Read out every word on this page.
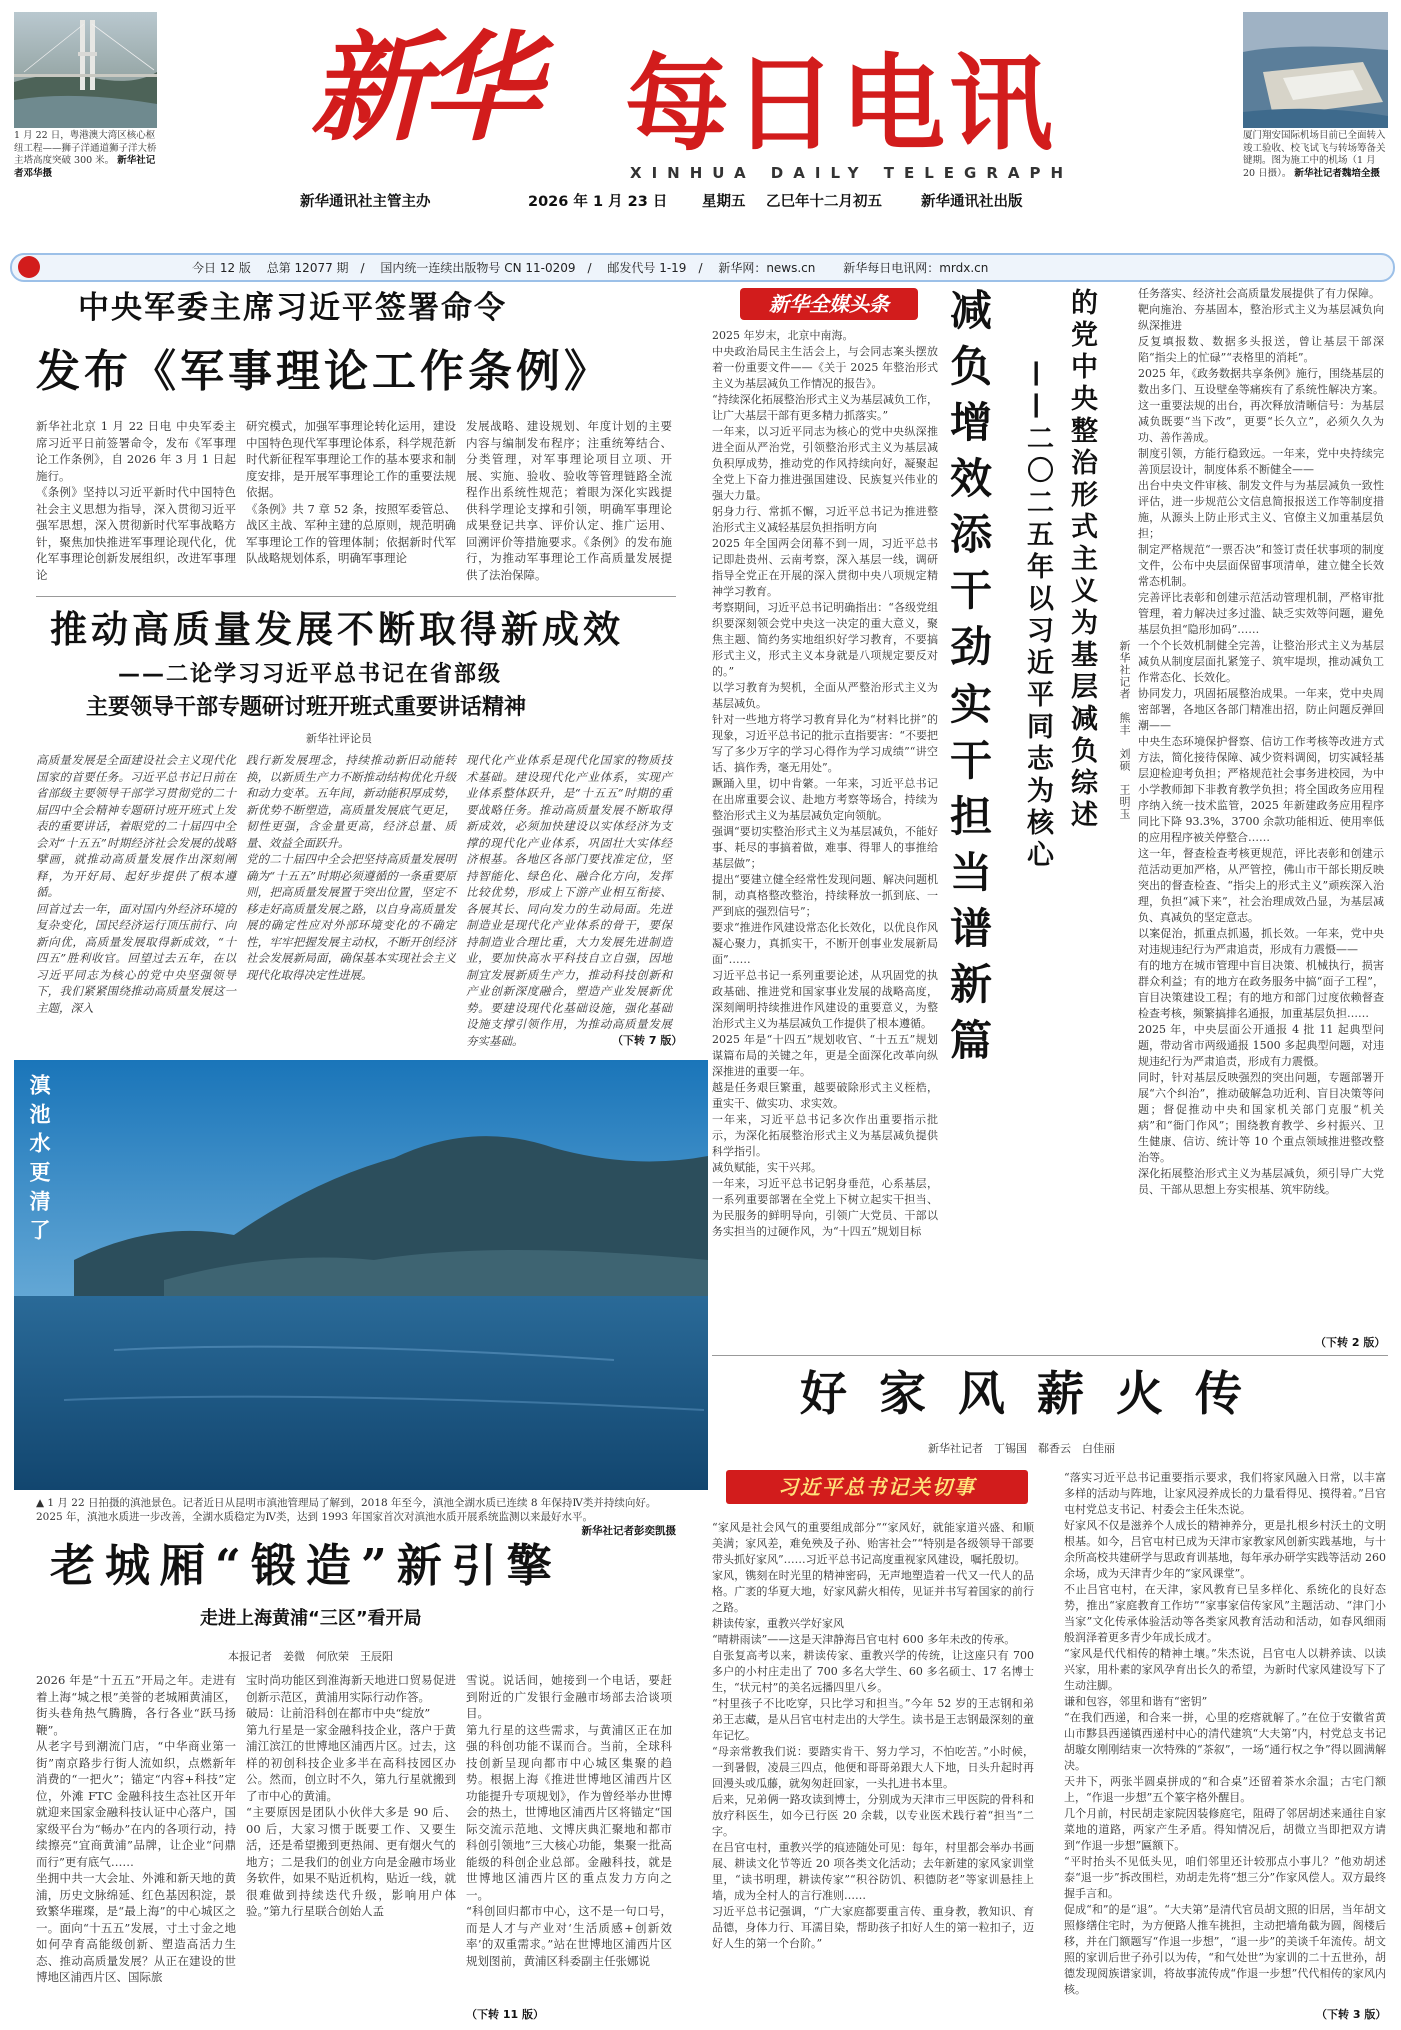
1 月 22 日，粤港澳大湾区核心枢纽工程——狮子洋通道狮子洋大桥主塔高度突破 300 米。 新华社记者邓华摄
厦门翔安国际机场目前已全面转入竣工验收、校飞试飞与转场筹备关键期。图为施工中的机场（1 月 20 日摄）。 新华社记者魏培全摄
新华 每日电讯
XINHUA DAILY TELEGRAPH
新华通讯社主管主办	2026 年 1 月 23 日 星期五 乙巳年十二月初五	新华通讯社出版
今日 12 版　 总第 12077 期　/　 国内统一连续出版物号 CN 11-0209　/　 邮发代号 1-19　/　 新华网：news.cn　　 新华每日电讯网：mrdx.cn
中央军委主席习近平签署命令
发布《军事理论工作条例》
新华社北京 1 月 22 日电 中央军委主席习近平日前签署命令，发布《军事理论工作条例》，自 2026 年 3 月 1 日起施行。
《条例》坚持以习近平新时代中国特色社会主义思想为指导，深入贯彻习近平强军思想，深入贯彻新时代军事战略方针，聚焦加快推进军事理论现代化，优化军事理论创新发展组织，改进军事理论
研究模式，加强军事理论转化运用，建设中国特色现代军事理论体系，科学规范新时代新征程军事理论工作的基本要求和制度安排，是开展军事理论工作的重要法规依据。
《条例》共 7 章 52 条，按照军委管总、战区主战、军种主建的总原则，规范明确军事理论工作的管理体制；依据新时代军队战略规划体系，明确军事理论
发展战略、建设规划、年度计划的主要内容与编制发布程序；注重统筹结合、分类管理，对军事理论项目立项、开展、实施、验收、验收等管理链路全流程作出系统性规范；着眼为深化实践提供科学理论支撑和引领，明确军事理论成果登记共享、评价认定、推广运用、回溯评价等措施要求。《条例》的发布施行，为推动军事理论工作高质量发展提供了法治保障。
推动高质量发展不断取得新成效
——二论学习习近平总书记在省部级
主要领导干部专题研讨班开班式重要讲话精神
新华社评论员
高质量发展是全面建设社会主义现代化国家的首要任务。习近平总书记日前在省部级主要领导干部学习贯彻党的二十届四中全会精神专题研讨班开班式上发表的重要讲话，着眼党的二十届四中全会对“十五五”时期经济社会发展的战略擘画，就推动高质量发展作出深刻阐释，为开好局、起好步提供了根本遵循。
回首过去一年，面对国内外经济环境的复杂变化，国民经济运行顶压前行、向新向优，高质量发展取得新成效，“十四五”胜利收官。回望过去五年，在以习近平同志为核心的党中央坚强领导下，我们紧紧围绕推动高质量发展这一主题，深入
践行新发展理念，持续推动新旧动能转换，以新质生产力不断推动结构优化升级和动力变革。五年间，新动能积厚成势，新优势不断塑造，高质量发展底气更足，韧性更强，含金量更高，经济总量、质量、效益全面跃升。
党的二十届四中全会把坚持高质量发展明确为“十五五”时期必须遵循的一条重要原则，把高质量发展置于突出位置，坚定不移走好高质量发展之路，以自身高质量发展的确定性应对外部环境变化的不确定性，牢牢把握发展主动权，不断开创经济社会发展新局面，确保基本实现社会主义现代化取得决定性进展。
现代化产业体系是现代化国家的物质技术基础。建设现代化产业体系，实现产业体系整体跃升，是“十五五”时期的重要战略任务。推动高质量发展不断取得新成效，必须加快建设以实体经济为支撑的现代化产业体系，巩固壮大实体经济根基。各地区各部门要找准定位，坚持智能化、绿色化、融合化方向，发挥比较优势，形成上下游产业相互衔接、各展其长、同向发力的生动局面。先进制造业是现代化产业体系的骨干，要保持制造业合理比重，大力发展先进制造业，要加快高水平科技自立自强，因地制宜发展新质生产力，推动科技创新和产业创新深度融合，塑造产业发展新优势。要建设现代化基础设施，强化基础设施支撑引领作用，为推动高质量发展夯实基础。	（下转 7 版）
滇池水更清了
▲ 1 月 22 日拍摄的滇池景色。记者近日从昆明市滇池管理局了解到，2018 年至今，滇池全湖水质已连续 8 年保持Ⅳ类并持续向好。2025 年，滇池水质进一步改善，全湖水质稳定为Ⅳ类，达到 1993 年国家首次对滇池水质开展系统监测以来最好水平。
新华社记者彭奕凯摄
老城厢“锻造”新引擎
走进上海黄浦“三区”看开局
本报记者　姜微　何欣荣　王辰阳
2026 年是“十五五”开局之年。走进有着上海“城之根”美誉的老城厢黄浦区，街头巷角热气腾腾，各行各业“跃马扬鞭”。
从老字号到潮流门店，“中华商业第一街”南京路步行街人流如织，点燃新年消费的“一把火”；锚定“内容+科技”定位，外滩 FTC 金融科技生态社区开年就迎来国家金融科技认证中心落户，国家级平台为“畅办”在内的各项行动，持续擦亮“宜商黄浦”品牌，让企业“问鼎而行”更有底气……
坐拥中共一大会址、外滩和新天地的黄浦，历史文脉绵延、红色基因积淀，景致繁华璀璨，是“最上海”的中心城区之一。面向“十五五”发展，寸土寸金之地如何孕育高能级创新、塑造高活力生态、推动高质量发展？从正在建设的世博地区浦西片区、国际旅
宝时尚功能区到淮海新天地进口贸易促进创新示范区，黄浦用实际行动作答。
破局：让前沿科创在都市中央“绽放”
第九行星是一家金融科技企业，落户于黄浦江滨江的世博地区浦西片区。过去，这样的初创科技企业多半在高科技园区办公。然而，创立时不久，第九行星就搬到了市中心的黄浦。
“主要原因是团队小伙伴大多是 90 后、00 后，大家习惯于既要工作、又要生活，还是希望搬到更热闹、更有烟火气的地方；二是我们的创业方向是金融市场业务软件，如果不贴近机构，贴近一线，就很难做到持续迭代升级，影响用户体验。”第九行星联合创始人孟
雪说。说话间，她接到一个电话，要赶到附近的广发银行金融市场部去洽谈项目。
第九行星的这些需求，与黄浦区正在加强的科创功能不谋而合。当前，全球科技创新呈现向都市中心城区集聚的趋势。根据上海《推进世博地区浦西片区功能提升专项规划》，作为曾经举办世博会的热土，世博地区浦西片区将锚定“国际交流示范地、文博庆典汇聚地和都市科创引领地”三大核心功能，集聚一批高能级的科创企业总部。金融科技，就是世博地区浦西片区的重点发力方向之一。
“科创回归都市中心，这不是一句口号，而是人才与产业对‘生活质感+创新效率’的双重需求。”站在世博地区浦西片区规划图前，黄浦区科委副主任张娜说
（下转 11 版）
新华全媒头条	减负增效添干劲
实干担当谱新篇
——二〇二五年以习近平同志为核心 的党中央整治形式主义为基层减负综述 新华社记者　熊丰　刘硕　王明玉
2025 年岁末，北京中南海。
中央政治局民主生活会上，与会同志案头摆放着一份重要文件——《关于 2025 年整治形式主义为基层减负工作情况的报告》。
“持续深化拓展整治形式主义为基层减负工作，让广大基层干部有更多精力抓落实。”
一年来，以习近平同志为核心的党中央纵深推进全面从严治党，引领整治形式主义为基层减负积厚成势，推动党的作风持续向好，凝聚起全党上下奋力推进强国建设、民族复兴伟业的强大力量。
躬身力行、常抓不懈，习近平总书记为推进整治形式主义减轻基层负担指明方向
2025 年全国两会闭幕不到一周，习近平总书记即赴贵州、云南考察，深入基层一线，调研指导全党正在开展的深入贯彻中央八项规定精神学习教育。
考察期间，习近平总书记明确指出：“各级党组织要深刻领会党中央这一决定的重大意义，聚焦主题、简约务实地组织好学习教育，不要搞形式主义，形式主义本身就是八项规定要反对的。”
以学习教育为契机，全面从严整治形式主义为基层减负。
针对一些地方将学习教育异化为“材料比拼”的现象，习近平总书记的批示直指要害：“不要把写了多少万字的学习心得作为学习成绩”“讲空话、搞作秀，毫无用处”。
蹶踊入里，切中肯綮。一年来，习近平总书记在出席重要会议、赴地方考察等场合，持续为整治形式主义为基层减负定向领航。
强调“要切实整治形式主义为基层减负，不能好事、耗尽的事搞着做，难事、得罪人的事推给基层做”；
提出“要建立健全经常性发现问题、解决问题机制，动真格整改整治，持续释放一抓到底、一严到底的强烈信号”；
要求“推进作风建设常态化长效化，以优良作风凝心聚力，真抓实干，不断开创事业发展新局面”……
习近平总书记一系列重要论述，从巩固党的执政基础、推进党和国家事业发展的战略高度，深刻阐明持续推进作风建设的重要意义，为整治形式主义为基层减负工作提供了根本遵循。
2025 年是“十四五”规划收官、“十五五”规划谋篇布局的关键之年，更是全面深化改革向纵深推进的重要一年。
越是任务艰巨繁重，越要破除形式主义桎梏，重实干、做实功、求实效。
一年来，习近平总书记多次作出重要指示批示，为深化拓展整治形式主义为基层减负提供科学指引。
减负赋能，实干兴邦。
一年来，习近平总书记躬身垂范，心系基层，一系列重要部署在全党上下树立起实干担当、为民服务的鲜明导向，引领广大党员、干部以务实担当的过硬作风，为“十四五”规划目标
任务落实、经济社会高质量发展提供了有力保障。
靶向施治、夯基固本，整治形式主义为基层减负向纵深推进
反复填报数、数据多头报送，曾让基层干部深陷“指尖上的忙碌”“表格里的消耗”。
2025 年，《政务数据共享条例》施行，围绕基层的数出多门、互设壁垒等痛疾有了系统性解决方案。这一重要法规的出台，再次释放清晰信号：为基层减负既要“当下改”，更要“长久立”，必须久久为功、善作善成。
制度引领，方能行稳致远。一年来，党中央持续完善顶层设计，制度体系不断健全——
出台中央文件审核、制发文件与为基层减负一致性评估，进一步规范公文信息简报报送工作等制度措施，从源头上防止形式主义、官僚主义加重基层负担；
制定严格规范“一票否决”和签订责任状事项的制度文件，公布中央层面保留事项清单，建立健全长效常态机制。
完善评比表彰和创建示范活动管理机制，严格审批管理，着力解决过多过滥、缺乏实效等问题，避免基层负担“隐形加码”……
一个个长效机制健全完善，让整治形式主义为基层减负从制度层面扎紧笼子、筑牢堤坝，推动减负工作常态化、长效化。
协同发力，巩固拓展整治成果。一年来，党中央周密部署，各地区各部门精准出招，防止问题反弹回潮——
中央生态环境保护督察、信访工作考核等改进方式方法，简化接待保障、减少资料调阅，切实减轻基层迎检迎考负担；严格规范社会事务进校园，为中小学教师卸下非教育教学负担；将全国政务应用程序纳入统一技术监管，2025 年新建政务应用程序同比下降 93.3%，3700 余款功能相近、使用率低的应用程序被关停整合……
这一年，督查检查考核更规范，评比表彰和创建示范活动更加严格，从严管控，佛山市干部长期反映突出的督查检查、“指尖上的形式主义”顽疾深入治理，负担“减下来”，社会治理成效凸显，为基层减负、真减负的坚定意志。
以案促治，抓重点抓遏，抓长效。一年来，党中央对违规违纪行为严肃追责，形成有力震慑——
有的地方在城市管理中盲目决策、机械执行，损害群众利益；有的地方在政务服务中搞“面子工程”，盲目决策建设工程；有的地方和部门过度依赖督查检查考核，频繁搞排名通报，加重基层负担……
2025 年，中央层面公开通报 4 批 11 起典型问题，带动省市两级通报 1500 多起典型问题，对违规违纪行为严肃追责，形成有力震慑。
同时，针对基层反映强烈的突出问题，专题部署开展“六个纠治”，推动破解急功近利、盲目决策等问题；督促推动中央和国家机关部门克服“机关病”和“衙门作风”；围绕教育教学、乡村振兴、卫生健康、信访、统计等 10 个重点领域推进整改整治等。
深化拓展整治形式主义为基层减负，须引导广大党员、干部从思想上夯实根基、筑牢防线。
（下转 2 版）
好家风薪火传
新华社记者　丁锡国　郗香云　白佳丽
习近平总书记关切事
“家风是社会风气的重要组成部分”“家风好，就能家道兴盛、和顺美满；家风差，难免殃及子孙、贻害社会”“特别是各级领导干部要带头抓好家风”……习近平总书记高度重视家风建设，嘱托殷切。
家风，镌刻在时光里的精神密码，无声地塑造着一代又一代人的品格。广袤的华夏大地，好家风薪火相传，见证并书写着国家的前行之路。
耕读传家，重教兴学好家风
“晴耕雨读”——这是天津静海吕官屯村 600 多年未改的传承。
自张复高考以来，耕读传家、重教兴学的传统，让这座只有 700 多户的小村庄走出了 700 多名大学生、60 多名硕士、17 名博士生，“状元村”的美名远播四里八乡。
“村里孩子不比吃穿，只比学习和担当。”今年 52 岁的王志钢和弟弟王志藏，是从吕官屯村走出的大学生。读书是王志钢最深刻的童年记忆。
“母亲常教我们说：要踏实肯干、努力学习，不怕吃苦。”小时候，一到暑假，凌晨三四点，他便和哥哥弟跟大人下地，日头升起时再回漫头或瓜藤，就匆匆赶回家，一头扎进书本里。
后来，兄弟俩一路攻读到博士，分别成为天津市三甲医院的骨科和放疗科医生，如今已行医 20 余载，以专业医术践行着“担当”二字。
在吕官屯村，重教兴学的痕迹随处可见：每年，村里都会举办书画展、耕读文化节等近 20 项各类文化活动；去年新建的家风家训堂里，“读书明理，耕读传家”“积谷防饥、积德防老”等家训悬挂上墙，成为全村人的言行准则……
习近平总书记强调，“广大家庭都要重言传、重身教，教知识、育品德，身体力行、耳濡目染，帮助孩子扣好人生的第一粒扣子，迈好人生的第一个台阶。”
“落实习近平总书记重要指示要求，我们将家风融入日常，以丰富多样的活动与阵地，让家风浸养成长的力量看得见、摸得着。”吕官屯村党总支书记、村委会主任朱杰说。
好家风不仅是滋养个人成长的精神养分，更是扎根乡村沃土的文明根基。如今，吕官屯村已成为天津市家教家风创新实践基地，与十余所高校共建研学与思政育训基地，每年承办研学实践等活动 260 余场，成为天津青少年的“家风课堂”。
不止吕官屯村，在天津，家风教育已呈多样化、系统化的良好态势，推出“家庭教育工作坊”“家事家信传家风”主题活动、“津门小当家”文化传承体验活动等各类家风教育活动和活动，如春风细雨般润泽着更多青少年成长成才。
“家风是代代相传的精神土壤。”朱杰说，吕官屯人以耕养读、以读兴家，用朴素的家风孕育出长久的希望，为新时代家风建设写下了生动注脚。
谦和包容，邻里和谐有“密钥”
“在我们西递，和合来一拼，心里的疙瘩就解了。”在位于安徽省黄山市黟县西递镇西递村中心的清代建筑“大夫第”内，村党总支书记胡璇女刚刚结束一次特殊的“茶叙”，一场“通行权之争”得以圆满解决。
天井下，两张半圆桌拼成的“和合桌”还留着茶水余温；古宅门额上，“作退一步想”五个篆字格外醒目。
几个月前，村民胡走家院因装修庭宅，阻碍了邻居胡述来通往自家菜地的道路，两家产生矛盾。得知情况后，胡微立当即把双方请到“作退一步想”匾额下。
“平时抬头不见低头见，咱们邻里还计较那点小事儿？”他劝胡述泰“退一步”拆改围栏，劝胡走先将“想三分”作家风偿人。双方最终握手言和。
促成“和”的是“退”。“大夫第”是清代官员胡文照的旧居，当年胡文照修缮住宅时，为方便路人推车挑担，主动把墙角截为圆，阁楼后移，并在门额题写“作退一步想”，“退一步”的美谈千年流传。胡文照的家训后世子孙引以为传，“和气处世”为家训的二十五世孙，胡德发现阅族谱家训，将故事流传成“作退一步想”代代相传的家风内核。
（下转 3 版）
